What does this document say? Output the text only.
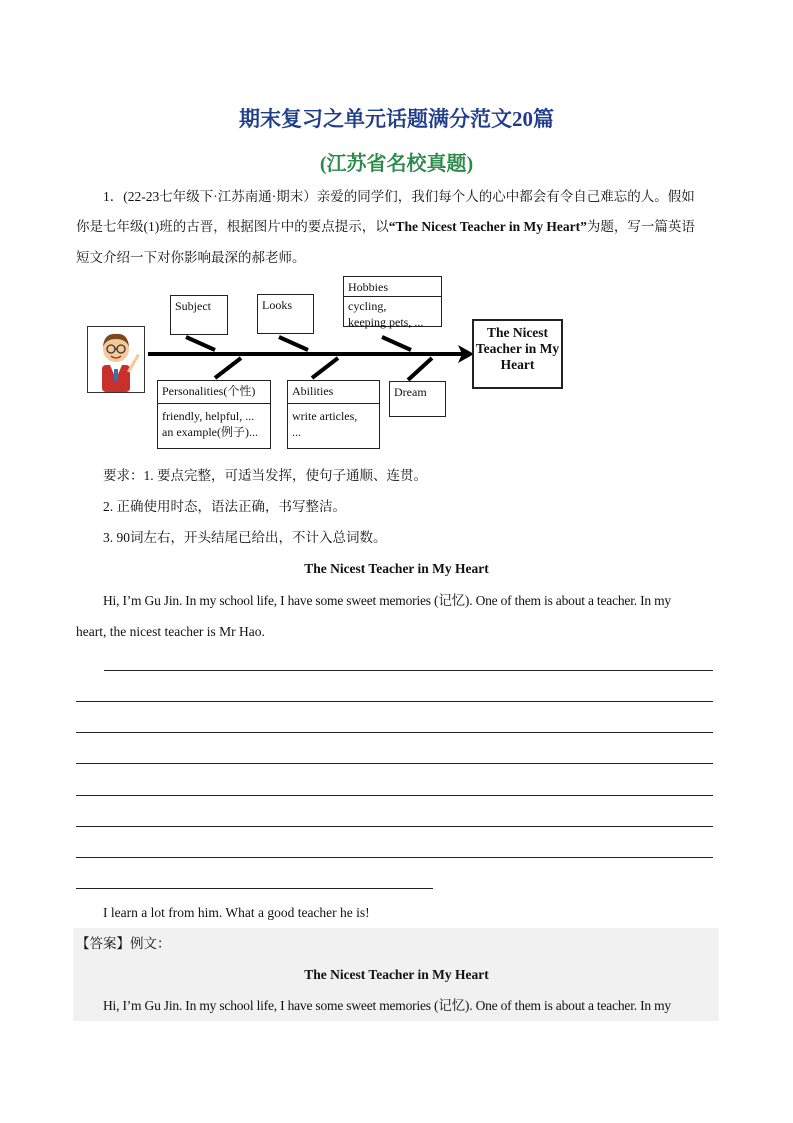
期末复习之单元话题满分范文20篇
(江苏省名校真题)
1．(22-23七年级下·江苏南通·期末）亲爱的同学们，我们每个人的心中都会有令自己难忘的人。假如
你是七年级(1)班的古晋，根据图片中的要点提示，以“The Nicest Teacher in My Heart”为题，写一篇英语
短文介绍一下对你影响最深的郝老师。
Subject	Looks
Hobbies
cycling,
keeping pets, ...
The Nicest Teacher in My Heart
Personalities(个性)
friendly, helpful, ...
an example(例子)...
Abilities
write articles,
...
Dream
要求：1. 要点完整，可适当发挥，使句子通顺、连贯。
2. 正确使用时态，语法正确，书写整洁。
3. 90词左右，开头结尾已给出，不计入总词数。
The Nicest Teacher in My Heart
Hi, I’m Gu Jin. In my school life, I have some sweet memories (记忆). One of them is about a teacher. In my
heart, the nicest teacher is Mr Hao.
I learn a lot from him. What a good teacher he is!
【答案】例文：
The Nicest Teacher in My Heart
Hi, I’m Gu Jin. In my school life, I have some sweet memories (记忆). One of them is about a teacher. In my
